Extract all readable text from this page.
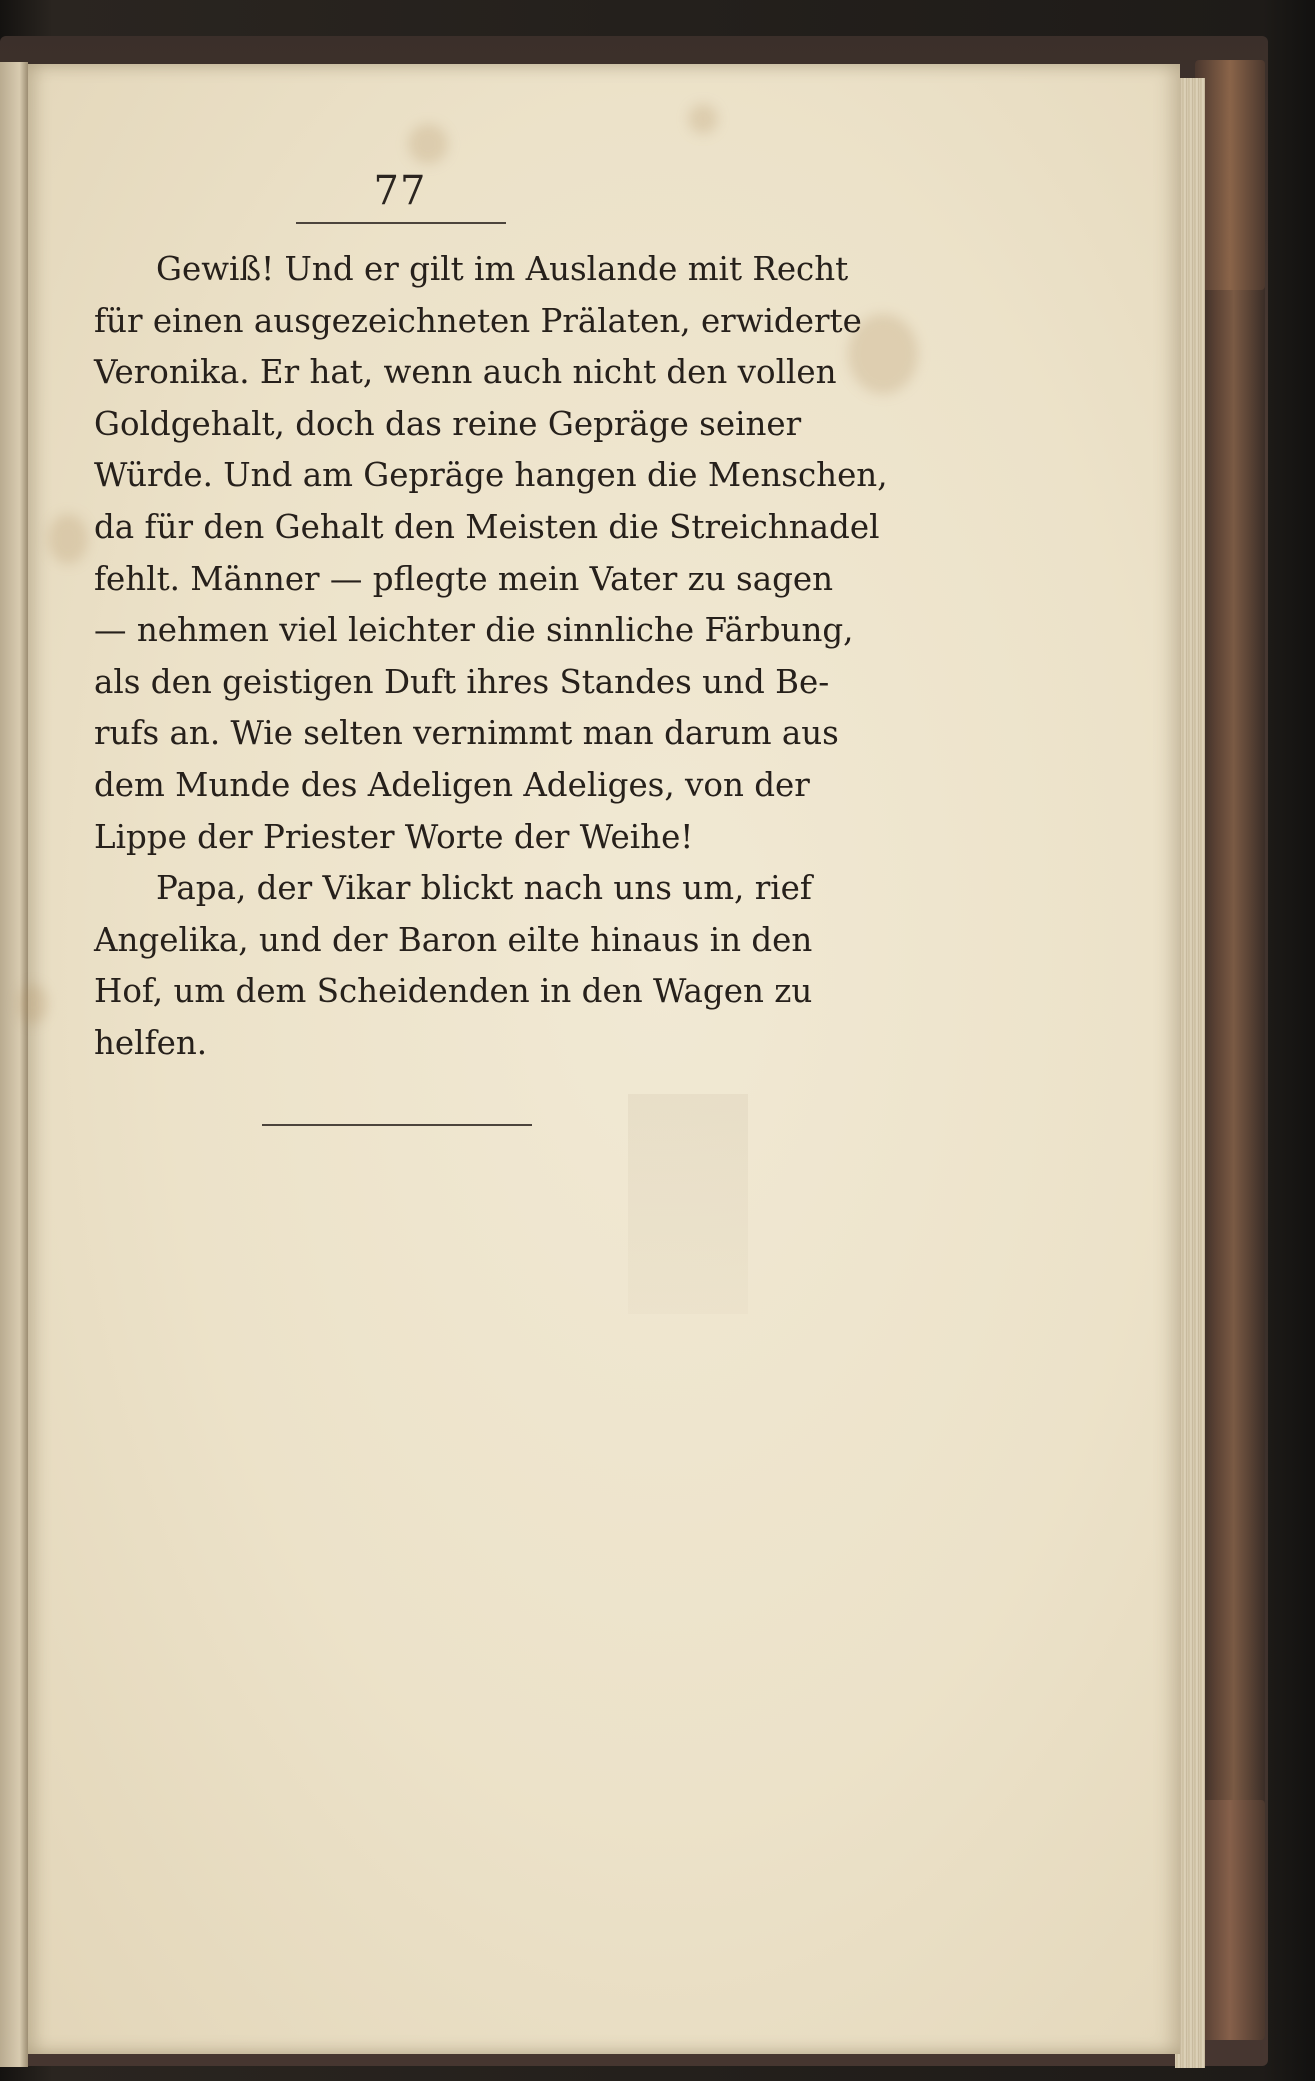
77

Gewiß! Und er gilt im Auslande mit Recht
für einen ausgezeichneten Prälaten, erwiderte
Veronika. Er hat, wenn auch nicht den vollen
Goldgehalt, doch das reine Gepräge seiner
Würde. Und am Gepräge hangen die Menschen,
da für den Gehalt den Meisten die Streichnadel
fehlt. Männer — pflegte mein Vater zu sagen
— nehmen viel leichter die sinnliche Färbung,
als den geistigen Duft ihres Standes und Be-
rufs an. Wie selten vernimmt man darum aus
dem Munde des Adeligen Adeliges, von der
Lippe der Priester Worte der Weihe!

Papa, der Vikar blickt nach uns um, rief
Angelika, und der Baron eilte hinaus in den
Hof, um dem Scheidenden in den Wagen zu
helfen.
